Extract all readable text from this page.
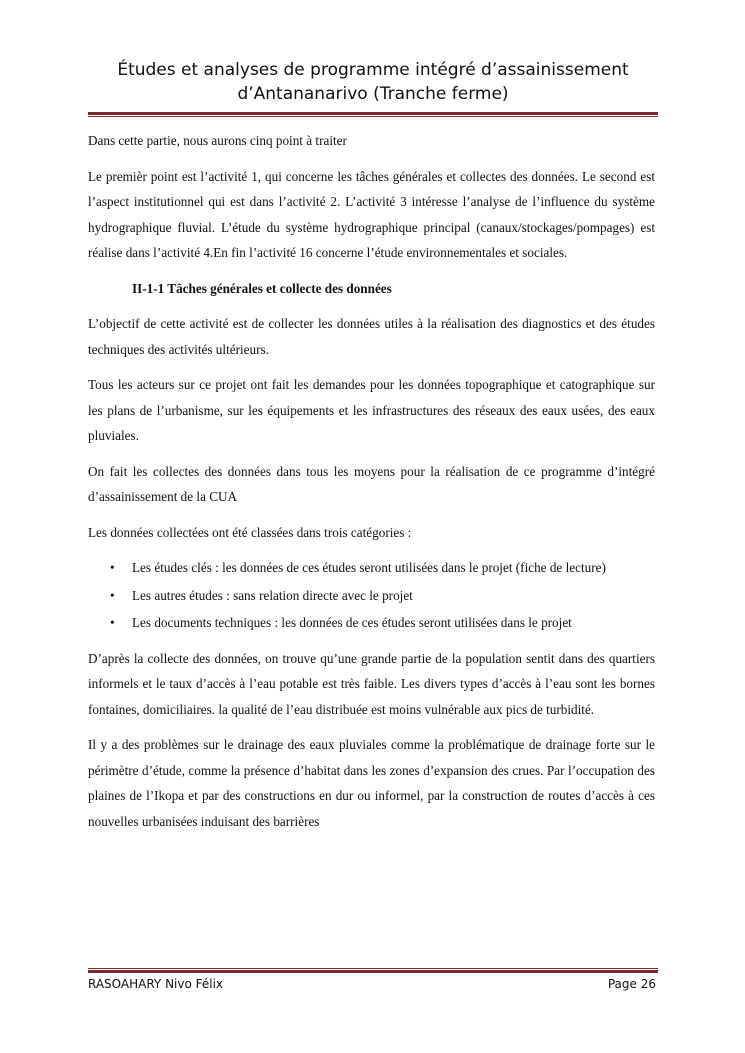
Études et analyses de programme intégré d’assainissement
d’Antananarivo (Tranche ferme)

Dans cette partie, nous aurons cinq point à traiter

Le premièr point est l’activité 1, qui concerne les tâches générales et collectes des données. Le second est l’aspect institutionnel qui est dans l’activité 2. L’activité 3 intéresse l’analyse de l’influence du système hydrographique fluvial. L’étude du système hydrographique principal (canaux/stockages/pompages) est réalise dans l’activité 4.En fin l’activité 16 concerne l’étude environnementales et sociales.

II-1-1 Tâches générales et collecte des données

L’objectif de cette activité est de collecter les données utiles à la réalisation des diagnostics et des études techniques des activités ultérieurs.

Tous les acteurs sur ce projet ont fait les demandes pour les données topographique et catographique sur les plans de l’urbanisme, sur les équipements et les infrastructures des réseaux des eaux usées, des eaux pluviales.

On fait les collectes des données dans tous les moyens pour la réalisation de ce programme d’intégré d’assainissement de la CUA

Les données collectées ont été classées dans trois catégories :

• Les études clés : les données de ces études seront utilisées dans le projet (fiche de lecture)
• Les autres études : sans relation directe avec le projet
• Les documents techniques : les données de ces études seront utilisées dans le projet

D’après la collecte des données, on trouve qu’une grande partie de la population sentit dans des quartiers informels et le taux d’accès à l’eau potable est très faible. Les divers types d’accès à l’eau sont les bornes fontaines, domiciliaires. la qualité de l’eau distribuée est moins vulnérable aux pics de turbidité.

Il y a des problèmes sur le drainage des eaux pluviales comme la problématique de drainage forte sur le périmètre d’étude, comme la présence d’habitat dans les zones d’expansion des crues. Par l’occupation des plaines de l’Ikopa et par des constructions en dur ou informel, par la construction de routes d’accès à ces nouvelles urbanisées induisant des barrières

RASOAHARY Nivo Félix	Page 26
